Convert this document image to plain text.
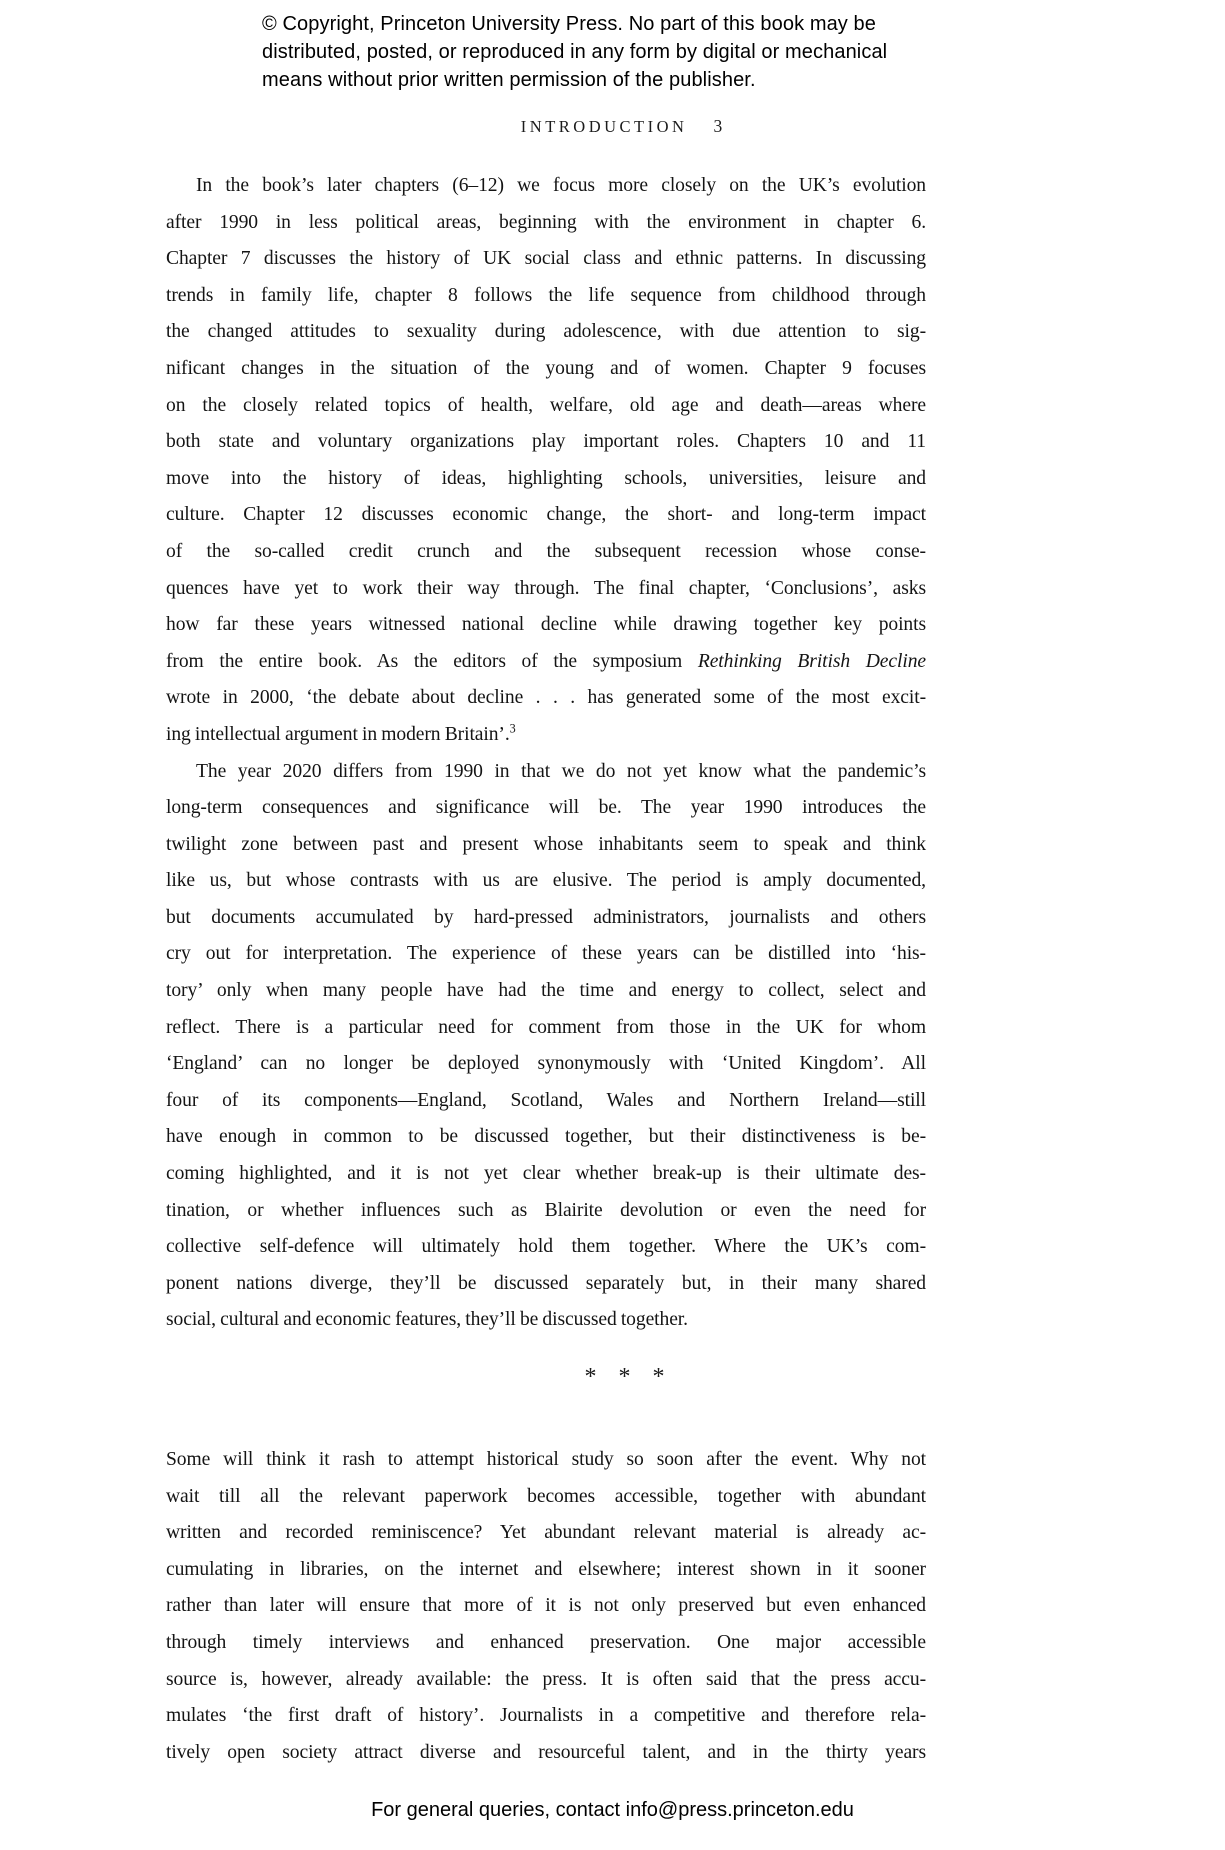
© Copyright, Princeton University Press. No part of this book may be
distributed, posted, or reproduced in any form by digital or mechanical
means without prior written permission of the publisher.
INTRODUCTION 3
In the book’s later chapters (6–12) we focus more closely on the UK’s evolution
after 1990 in less political areas, beginning with the environment in chapter 6.
Chapter 7 discusses the history of UK social class and ethnic patterns. In discussing
trends in family life, chapter 8 follows the life sequence from childhood through
the changed attitudes to sexuality during adolescence, with due attention to sig-
nificant changes in the situation of the young and of women. Chapter 9 focuses
on the closely related topics of health, welfare, old age and death—areas where
both state and voluntary organizations play important roles. Chapters 10 and 11
move into the history of ideas, highlighting schools, universities, leisure and
culture. Chapter 12 discusses economic change, the short- and long-term impact
of the so-called credit crunch and the subsequent recession whose conse-
quences have yet to work their way through. The final chapter, ‘Conclusions’, asks
how far these years witnessed national decline while drawing together key points
from the entire book. As the editors of the symposium Rethinking British Decline
wrote in 2000, ‘the debate about decline . . . has generated some of the most excit-
ing intellectual argument in modern Britain’.$^3$
The year 2020 differs from 1990 in that we do not yet know what the pandemic’s
long-term consequences and significance will be. The year 1990 introduces the
twilight zone between past and present whose inhabitants seem to speak and think
like us, but whose contrasts with us are elusive. The period is amply documented,
but documents accumulated by hard-pressed administrators, journalists and others
cry out for interpretation. The experience of these years can be distilled into ‘his-
tory’ only when many people have had the time and energy to collect, select and
reflect. There is a particular need for comment from those in the UK for whom
‘England’ can no longer be deployed synonymously with ‘United Kingdom’. All
four of its components—England, Scotland, Wales and Northern Ireland—still
have enough in common to be discussed together, but their distinctiveness is be-
coming highlighted, and it is not yet clear whether break-up is their ultimate des-
tination, or whether influences such as Blairite devolution or even the need for
collective self-defence will ultimately hold them together. Where the UK’s com-
ponent nations diverge, they’ll be discussed separately but, in their many shared
social, cultural and economic features, they’ll be discussed together.
Some will think it rash to attempt historical study so soon after the event. Why not
wait till all the relevant paperwork becomes accessible, together with abundant
written and recorded reminiscence? Yet abundant relevant material is already ac-
cumulating in libraries, on the internet and elsewhere; interest shown in it sooner
rather than later will ensure that more of it is not only preserved but even enhanced
through timely interviews and enhanced preservation. One major accessible
source is, however, already available: the press. It is often said that the press accu-
mulates ‘the first draft of history’. Journalists in a competitive and therefore rela-
tively open society attract diverse and resourceful talent, and in the thirty years
* * *
For general queries, contact info@press.princeton.edu
